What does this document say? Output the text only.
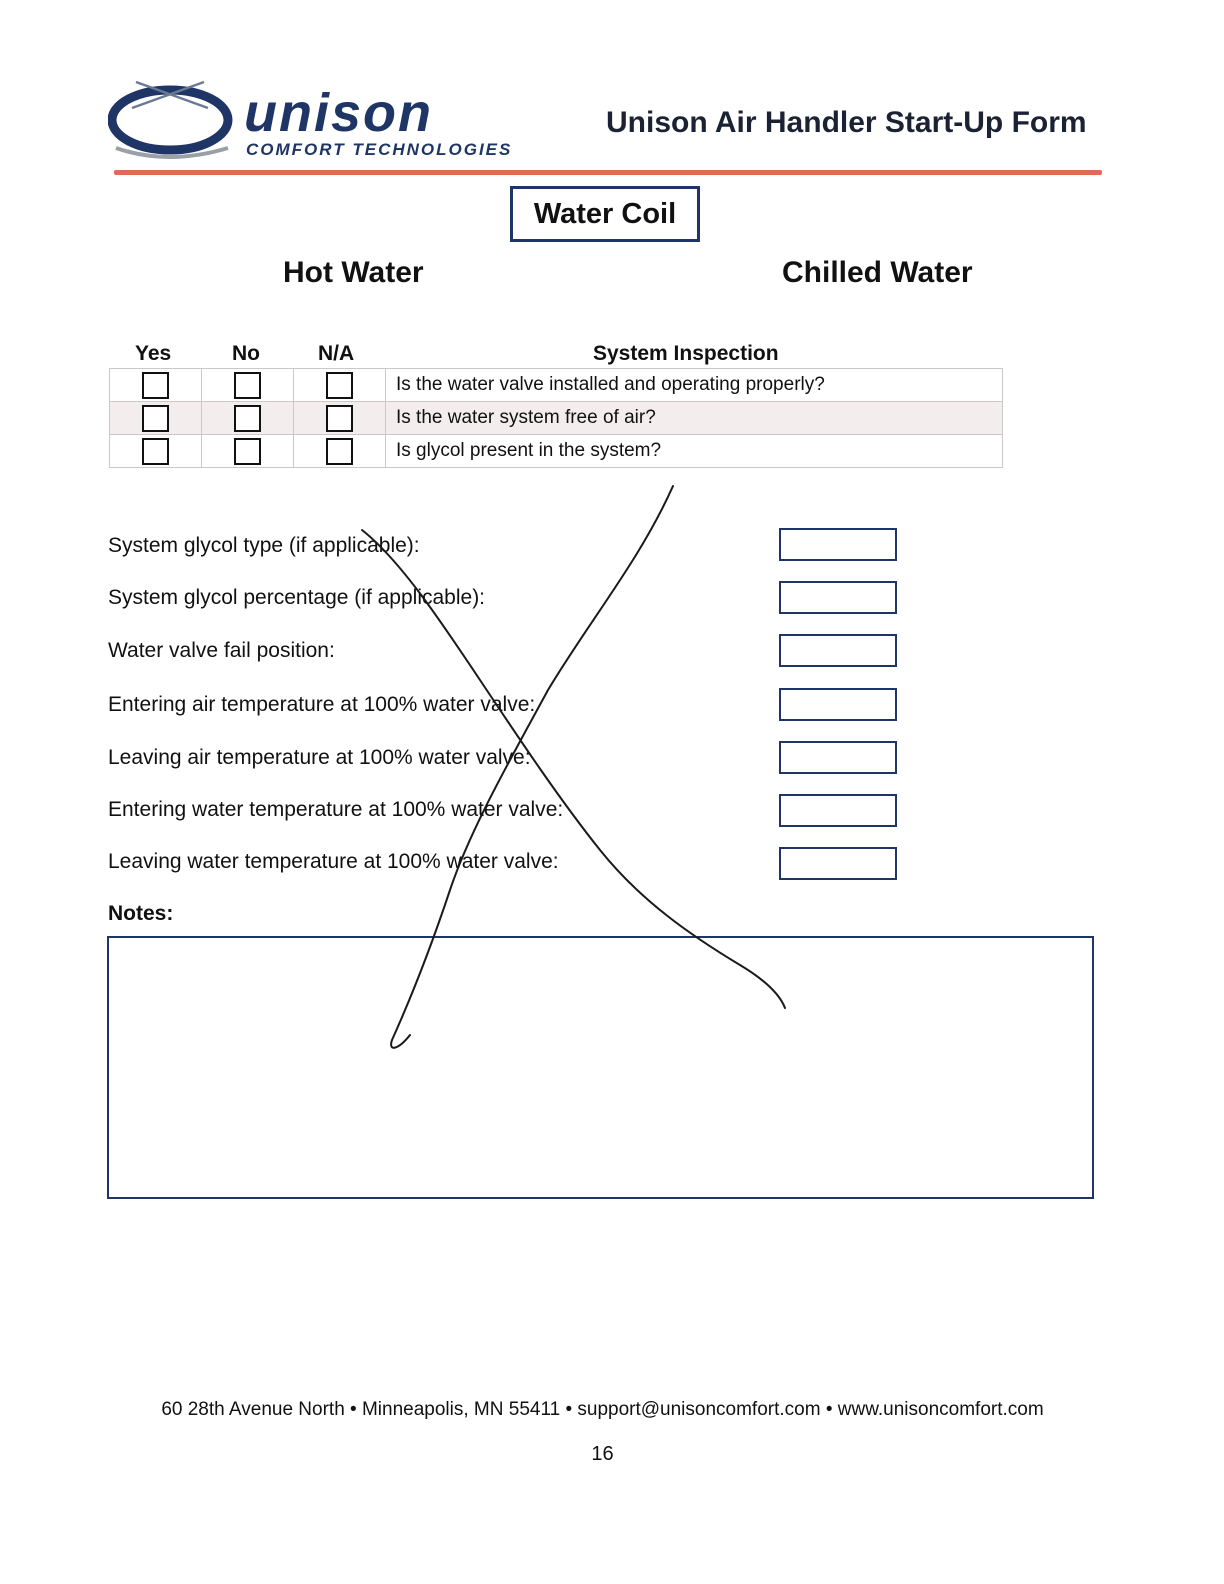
unison
COMFORT TECHNOLOGIES
Unison Air Handler Start-Up Form
Water Coil
Hot Water	Chilled Water
Yes	No	N/A	System Inspection
			Is the water valve installed and operating properly?
			Is the water system free of air?
			Is glycol present in the system?
System glycol type (if applicable):
System glycol percentage (if applicable):
Water valve fail position:
Entering air temperature at 100% water valve:
Leaving air temperature at 100% water valve:
Entering water temperature at 100% water valve:
Leaving water temperature at 100% water valve:
Notes:
60 28th Avenue North • Minneapolis, MN 55411 • support@unisoncomfort.com • www.unisoncomfort.com
16
